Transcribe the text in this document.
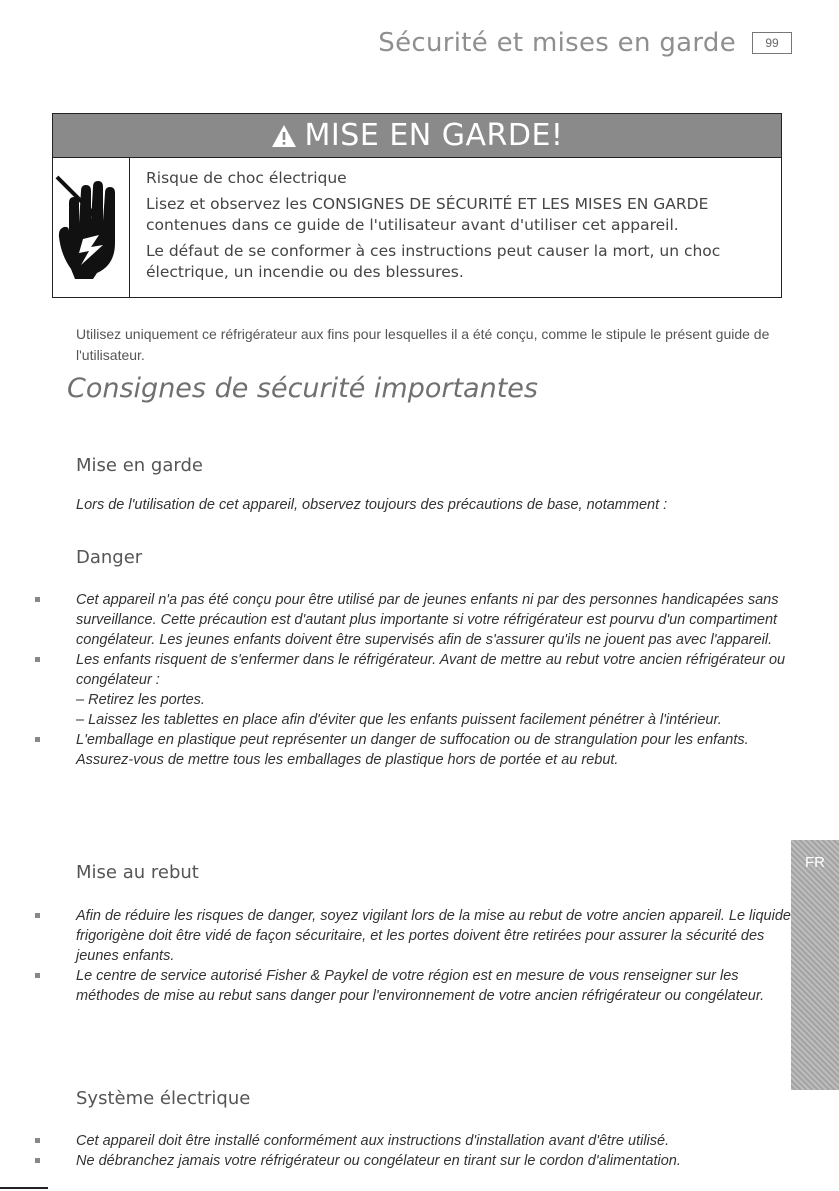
Sécurité et mises en garde	99
MISE EN GARDE!

Risque de choc électrique

Lisez et observez les CONSIGNES DE SÉCURITÉ ET LES MISES EN GARDE contenues dans ce guide de l'utilisateur avant d'utiliser cet appareil.

Le défaut de se conformer à ces instructions peut causer la mort, un choc électrique, un incendie ou des blessures.

Utilisez uniquement ce réfrigérateur aux fins pour lesquelles il a été conçu, comme le stipule le présent guide de l'utilisateur.

Consignes de sécurité importantes
Mise en garde

Lors de l'utilisation de cet appareil, observez toujours des précautions de base, notamment :

Danger
Cet appareil n'a pas été conçu pour être utilisé par de jeunes enfants ni par des personnes handicapées sans surveillance. Cette précaution est d'autant plus importante si votre réfrigérateur est pourvu d'un compartiment congélateur. Les jeunes enfants doivent être supervisés afin de s'assurer qu'ils ne jouent pas avec l'appareil.
Les enfants risquent de s'enfermer dans le réfrigérateur. Avant de mettre au rebut votre ancien réfrigérateur ou congélateur :
– Retirez les portes.
– Laissez les tablettes en place afin d'éviter que les enfants puissent facilement pénétrer à l'intérieur.
L'emballage en plastique peut représenter un danger de suffocation ou de strangulation pour les enfants. Assurez-vous de mettre tous les emballages de plastique hors de portée et au rebut.
Mise au rebut
Afin de réduire les risques de danger, soyez vigilant lors de la mise au rebut de votre ancien appareil. Le liquide frigorigène doit être vidé de façon sécuritaire, et les portes doivent être retirées pour assurer la sécurité des jeunes enfants.
Le centre de service autorisé Fisher & Paykel de votre région est en mesure de vous renseigner sur les méthodes de mise au rebut sans danger pour l'environnement de votre ancien réfrigérateur ou congélateur.
Système électrique
Cet appareil doit être installé conformément aux instructions d'installation avant d'être utilisé.
Ne débranchez jamais votre réfrigérateur ou congélateur en tirant sur le cordon d'alimentation.
FR
